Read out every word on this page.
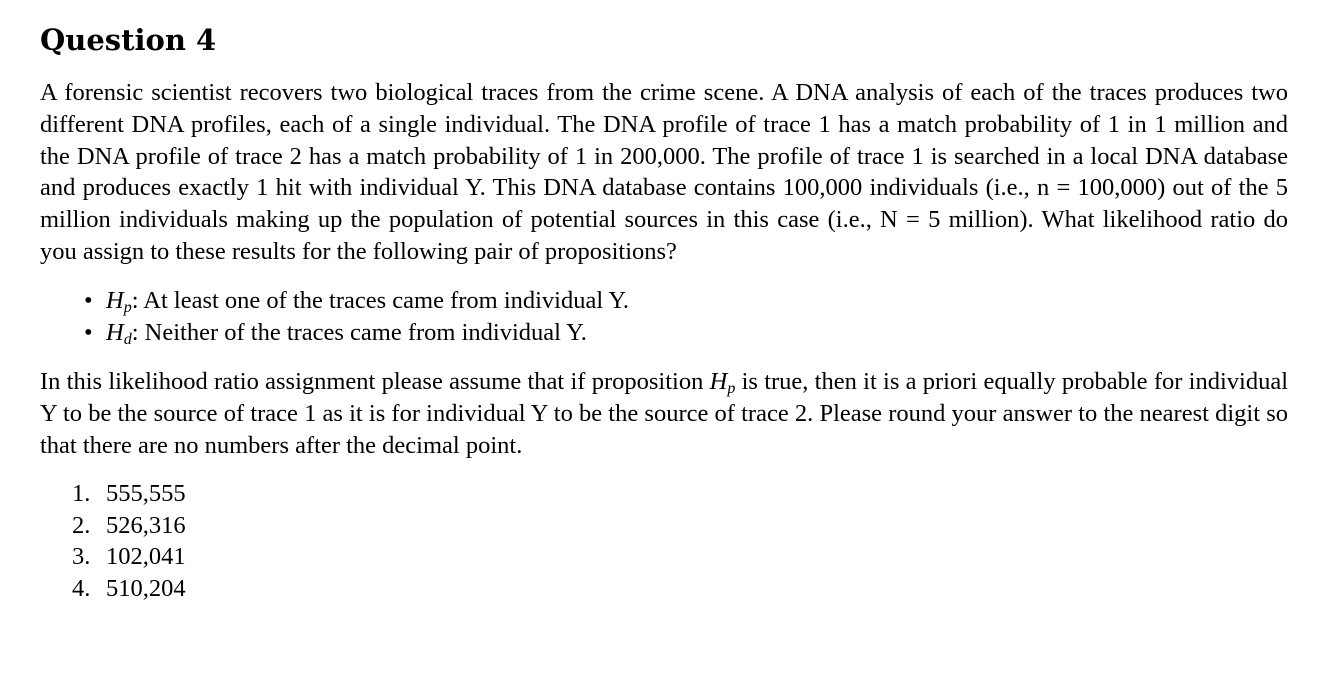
Question 4

A forensic scientist recovers two biological traces from the crime scene. A DNA analysis of each of the traces produces two different DNA profiles, each of a single individual. The DNA profile of trace 1 has a match probability of 1 in 1 million and the DNA profile of trace 2 has a match probability of 1 in 200,000. The profile of trace 1 is searched in a local DNA database and produces exactly 1 hit with individual Y. This DNA database contains 100,000 individuals (i.e., n = 100,000) out of the 5 million individuals making up the population of potential sources in this case (i.e., N = 5 million). What likelihood ratio do you assign to these results for the following pair of propositions?

• $H_p$: At least one of the traces came from individual Y.
• $H_d$: Neither of the traces came from individual Y.

In this likelihood ratio assignment please assume that if proposition $H_p$ is true, then it is a priori equally probable for individual Y to be the source of trace 1 as it is for individual Y to be the source of trace 2. Please round your answer to the nearest digit so that there are no numbers after the decimal point.

1. 555,555
2. 526,316
3. 102,041
4. 510,204
